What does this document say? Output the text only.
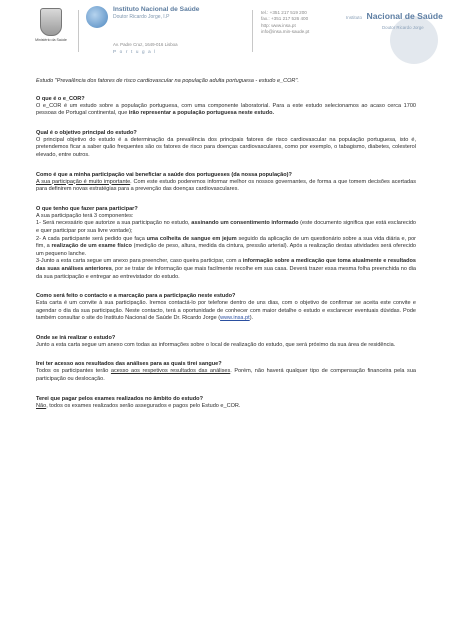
Ministério da Saúde
Instituto Nacional de Saúde
Doutor Ricardo Jorge, I.P
Av. Padre Cruz, 1649-016 Lisboa
Portugal
tel.: +351 217 519 200
fax.: +351 217 526 400
http: www.insa.pt
info@insa.min-saude.pt
Instituto Nacional de Saúde
Doutor Ricardo Jorge

Estudo "Prevalência dos fatores de risco cardiovascular na população adulta portuguesa - estudo e_COR".

O que é o e_COR?

O e_COR é um estudo sobre a população portuguesa, com uma componente laboratorial. Para a este estudo selecionamos ao acaso cerca 1700 pessoas de Portugal continental, que irão representar a população portuguesa neste estudo.

Qual é o objetivo principal do estudo?

O principal objetivo do estudo é a determinação da prevalência dos principais fatores de risco cardiovascular na população portuguesa, isto é, pretendemos ficar a saber quão frequentes são os fatores de risco para doenças cardiovasculares, como por exemplo, o tabagismo, diabetes, colesterol elevado, entre outros.

Como é que a minha participação vai beneficiar a saúde dos portugueses (da nossa população)?

A sua participação é muito importante. Com este estudo poderemos informar melhor os nossos governantes, de forma a que tomem decisões acertadas para definirem novas estratégias para a prevenção das doenças cardiovasculares.

O que tenho que fazer para participar?

A sua participação terá 3 componentes:

1- Será necessário que autorize a sua participação no estudo, assinando um consentimento informado (este documento significa que está esclarecido e quer participar por sua livre vontade);

2- A cada participante será pedido que faça uma colheita de sangue em jejum seguido da aplicação de um questionário sobre a sua vida diária e, por fim, a realização de um exame físico (medição de peso, altura, medida da cintura, pressão arterial). Após a realização destas atividades será oferecido um pequeno lanche.

3-Junto a esta carta segue um anexo para preencher, caso queira participar, com a informação sobre a medicação que toma atualmente e resultados das suas análises anteriores, por se tratar de informação que mais facilmente recolhe em sua casa. Deverá trazer essa mesma folha preenchida no dia da sua participação e entregar ao entrevistador do estudo.

Como será feito o contacto e a marcação para a participação neste estudo?

Esta carta é um convite à sua participação. Iremos contactá-lo por telefone dentro de uns dias, com o objetivo de confirmar se aceita este convite e agendar o dia da sua participação. Neste contacto, terá a oportunidade de conhecer com maior detalhe o estudo e esclarecer eventuais dúvidas. Pode também consultar o site do Instituto Nacional de Saúde Dr. Ricardo Jorge (www.insa.pt).

Onde se irá realizar o estudo?

Junto a esta carta segue um anexo com todas as informações sobre o local de realização do estudo, que será próximo da sua área de residência.

Irei ter acesso aos resultados das análises para as quais tirei sangue?

Todos os participantes terão acesso aos respetivos resultados das análises. Porém, não haverá qualquer tipo de compensação financeira pela sua participação ou deslocação.

Terei que pagar pelos exames realizados no âmbito do estudo?

Não, todos os exames realizados serão assegurados e pagos pelo Estudo e_COR.
